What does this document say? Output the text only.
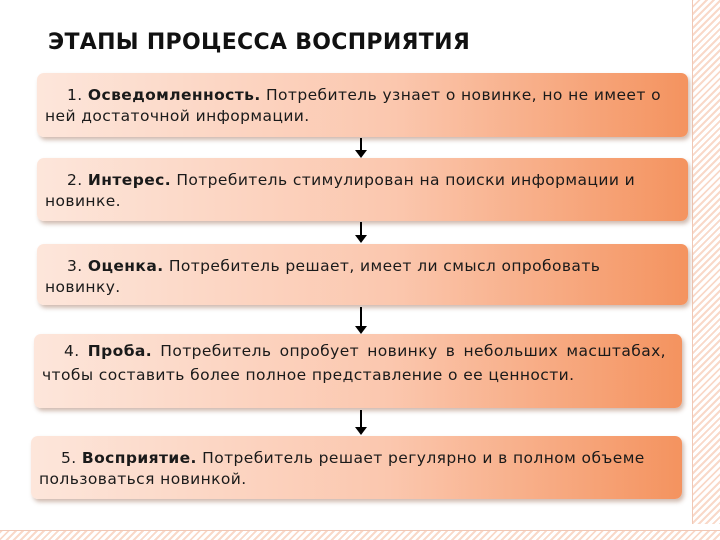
ЭТАПЫ ПРОЦЕССА ВОСПРИЯТИЯ

1. Осведомленность. Потребитель узнает о новинке, но не имеет о ней достаточной информации.

2. Интерес. Потребитель стимулирован на поиски информации и новинке.

3. Оценка. Потребитель решает, имеет ли смысл опробовать новинку.

4. Проба. Потребитель опробует новинку в небольших масштабах, чтобы составить более полное представление о ее ценности.

5. Восприятие. Потребитель решает регулярно и в полном объеме пользоваться новинкой.
